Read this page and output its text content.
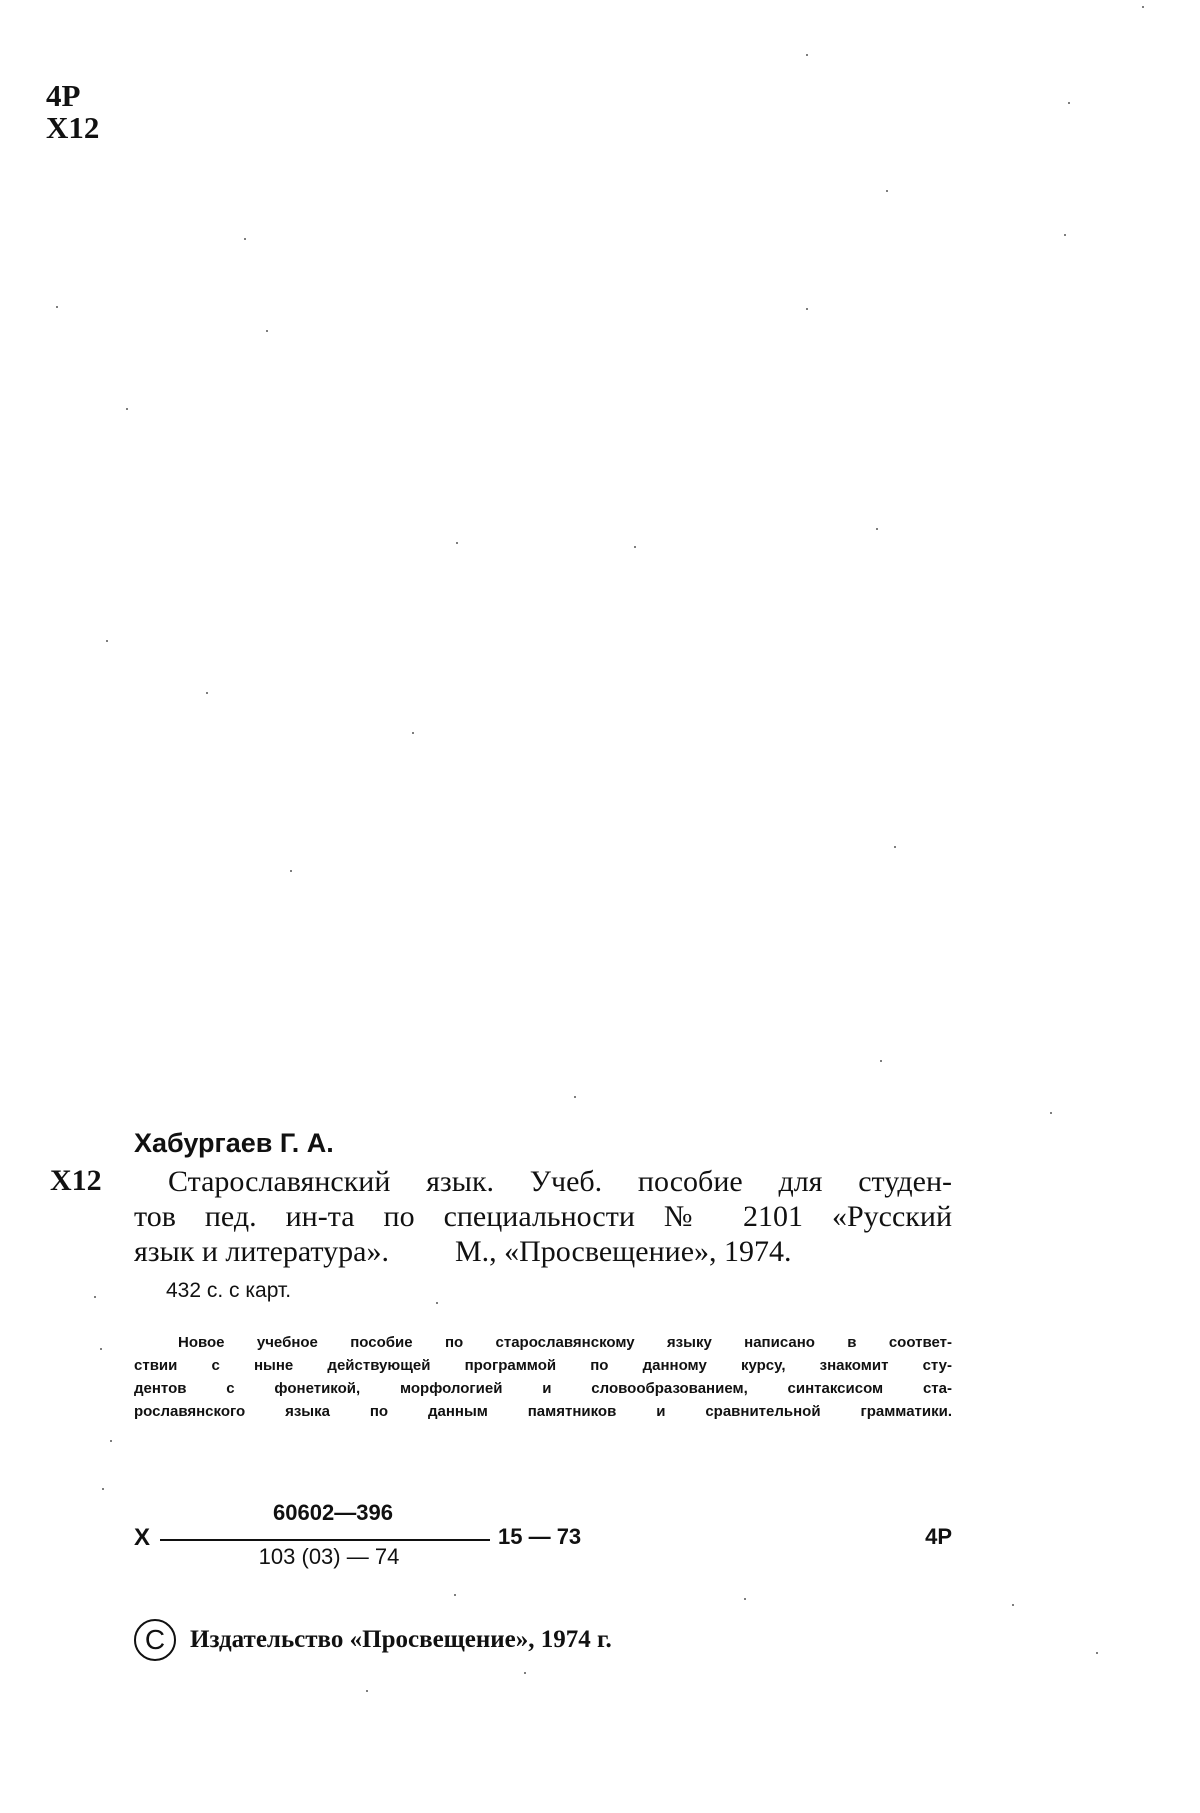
4Р
Х12
Хабургаев Г. А.
Х12	Старославянский язык. Учеб. пособие для студен-
тов пед. ин-та по специальности № 2101 «Русский
язык и литература». М., «Просвещение», 1974.
432 с. с карт.
Новое учебное пособие по старославянскому языку написано в соответ-
ствии с ныне действующей программой по данному курсу, знакомит сту-
дентов с фонетикой, морфологией и словообразованием, синтаксисом ста-
рославянского языка по данным памятников и сравнительной грамматики.
Х
60602—396
103 (03) — 74
15 — 73	4Р
C Издательство «Просвещение», 1974 г.
